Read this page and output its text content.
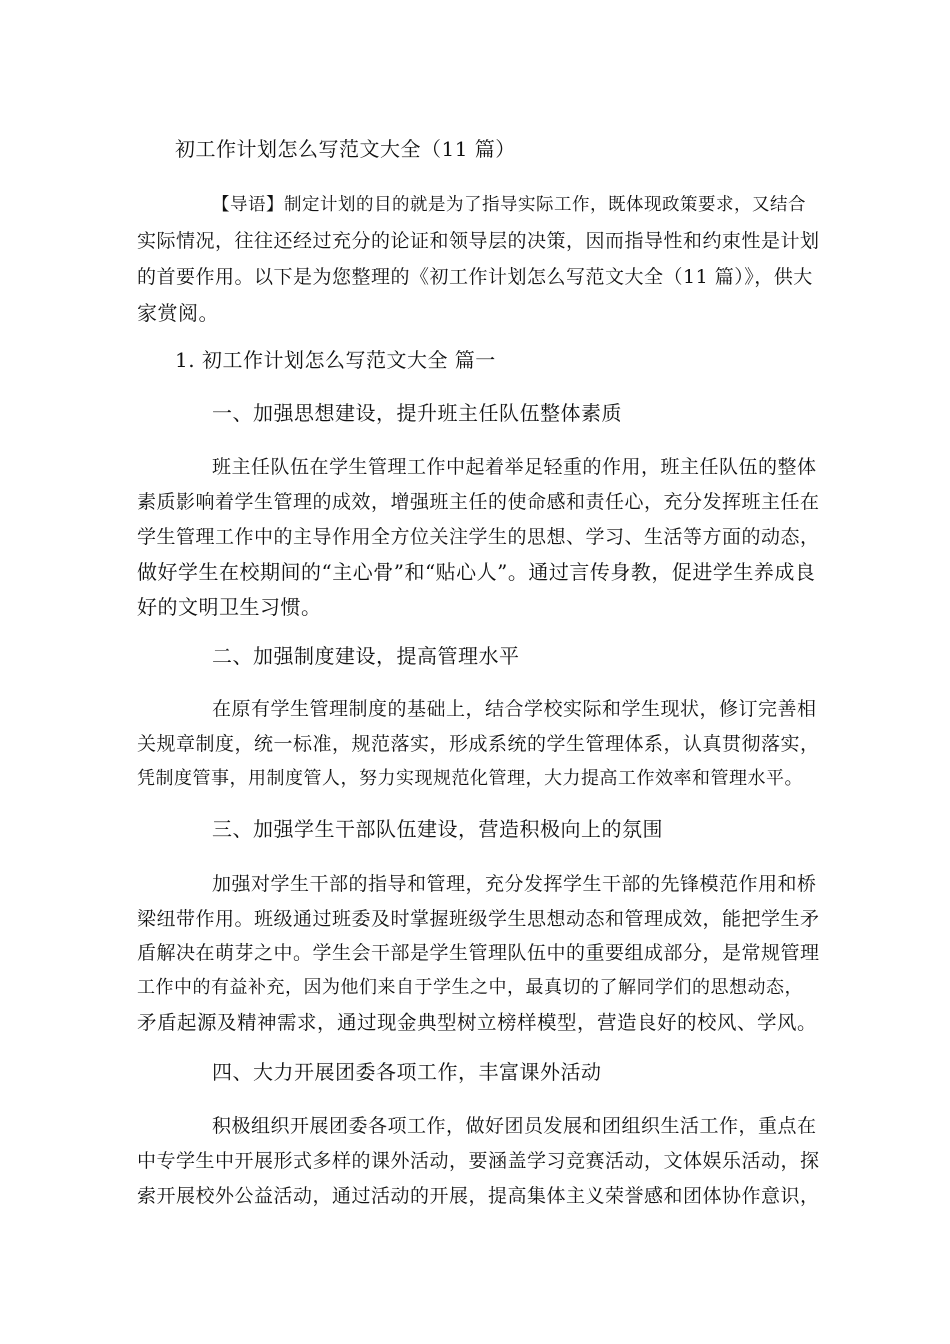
初工作计划怎么写范文大全（11 篇）

【导语】制定计划的目的就是为了指导实际工作，既体现政策要求，又结合

实际情况，往往还经过充分的论证和领导层的决策，因而指导性和约束性是计划

的首要作用。以下是为您整理的《初工作计划怎么写范文大全（11 篇）》，供大

家赏阅。

1. 初工作计划怎么写范文大全 篇一

一、加强思想建设，提升班主任队伍整体素质

班主任队伍在学生管理工作中起着举足轻重的作用，班主任队伍的整体

素质影响着学生管理的成效，增强班主任的使命感和责任心，充分发挥班主任在

学生管理工作中的主导作用全方位关注学生的思想、学习、生活等方面的动态，

做好学生在校期间的“主心骨”和“贴心人”。通过言传身教，促进学生养成良

好的文明卫生习惯。

二、加强制度建设，提高管理水平

在原有学生管理制度的基础上，结合学校实际和学生现状，修订完善相

关规章制度，统一标准，规范落实，形成系统的学生管理体系，认真贯彻落实，

凭制度管事，用制度管人，努力实现规范化管理，大力提高工作效率和管理水平。

三、加强学生干部队伍建设，营造积极向上的氛围

加强对学生干部的指导和管理，充分发挥学生干部的先锋模范作用和桥

梁纽带作用。班级通过班委及时掌握班级学生思想动态和管理成效，能把学生矛

盾解决在萌芽之中。学生会干部是学生管理队伍中的重要组成部分，是常规管理

工作中的有益补充，因为他们来自于学生之中，最真切的了解同学们的思想动态，

矛盾起源及精神需求，通过现金典型树立榜样模型，营造良好的校风、学风。

四、大力开展团委各项工作，丰富课外活动

积极组织开展团委各项工作，做好团员发展和团组织生活工作，重点在

中专学生中开展形式多样的课外活动，要涵盖学习竞赛活动，文体娱乐活动，探

索开展校外公益活动，通过活动的开展，提高集体主义荣誉感和团体协作意识，
